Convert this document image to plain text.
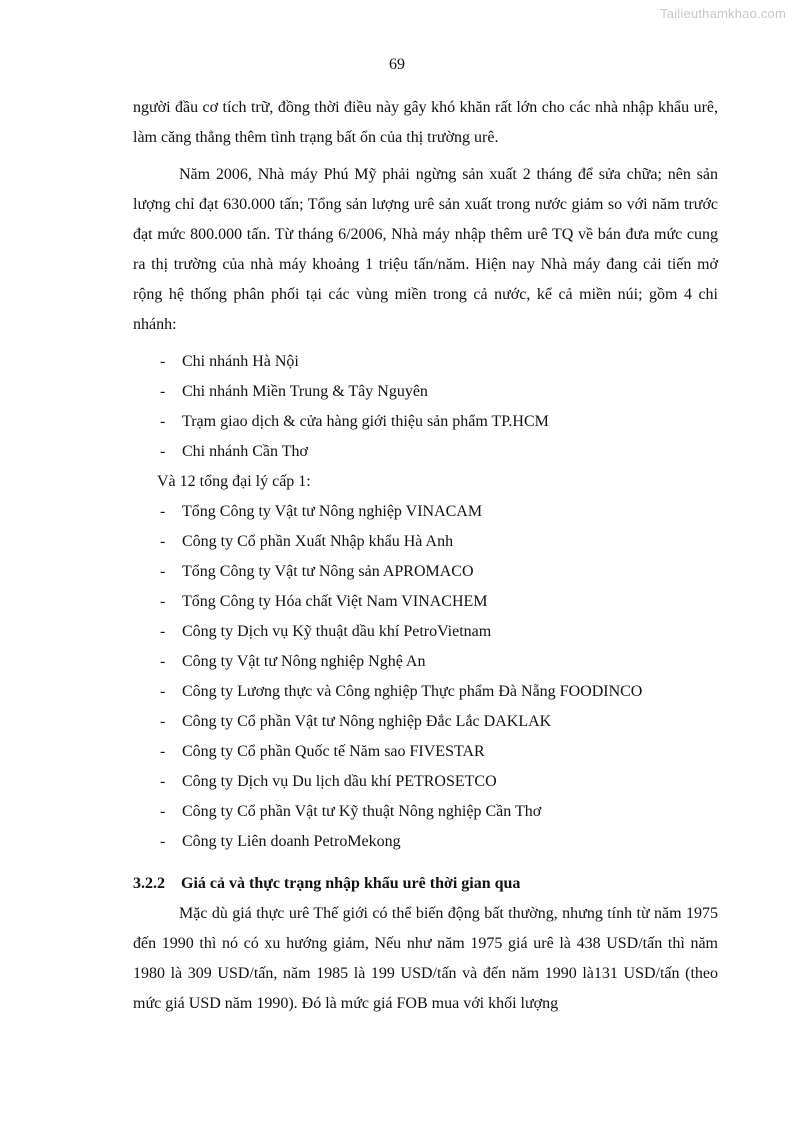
Tailieuthamkhao.com
69

người đầu cơ tích trữ, đồng thời điều này gây khó khăn rất lớn cho các nhà nhập khẩu urê, làm căng thẳng thêm tình trạng bất ổn của thị trường urê.

Năm 2006, Nhà máy Phú Mỹ phải ngừng sản xuất 2 tháng để sửa chữa; nên sản lượng chỉ đạt 630.000 tấn; Tổng sản lượng urê sản xuất trong nước giảm so với năm trước đạt mức 800.000 tấn. Từ tháng 6/2006, Nhà máy nhập thêm urê TQ về bán đưa mức cung ra thị trường của nhà máy khoảng 1 triệu tấn/năm. Hiện nay Nhà máy đang cải tiến mở rộng hệ thống phân phối tại các vùng miền trong cả nước, kể cả miền núi; gồm 4 chi nhánh:

- Chi nhánh Hà Nội
- Chi nhánh Miền Trung & Tây Nguyên
- Trạm giao dịch & cửa hàng giới thiệu sản phẩm TP.HCM
- Chi nhánh Cần Thơ

Và 12 tổng đại lý cấp 1:

- Tổng Công ty Vật tư Nông nghiệp VINACAM
- Công ty Cổ phần Xuất Nhập khẩu Hà Anh
- Tổng Công ty Vật tư Nông sản APROMACO
- Tổng Công ty Hóa chất Việt Nam VINACHEM
- Công ty Dịch vụ Kỹ thuật dầu khí PetroVietnam
- Công ty Vật tư Nông nghiệp Nghệ An
- Công ty Lương thực và Công nghiệp Thực phẩm Đà Nẵng FOODINCO
- Công ty Cổ phần Vật tư Nông nghiệp Đắc Lắc DAKLAK
- Công ty Cổ phần Quốc tế Năm sao FIVESTAR
- Công ty Dịch vụ Du lịch dầu khí PETROSETCO
- Công ty Cổ phần Vật tư Kỹ thuật Nông nghiệp Cần Thơ
- Công ty Liên doanh PetroMekong
3.2.2 Giá cả và thực trạng nhập khẩu urê thời gian qua

Mặc dù giá thực urê Thế giới có thể biến động bất thường, nhưng tính từ năm 1975 đến 1990 thì nó có xu hướng giảm, Nếu như năm 1975 giá urê là 438 USD/tấn thì năm 1980 là 309 USD/tấn, năm 1985 là 199 USD/tấn và đến năm 1990 là131 USD/tấn (theo mức giá USD năm 1990). Đó là mức giá FOB mua với khối lượng
